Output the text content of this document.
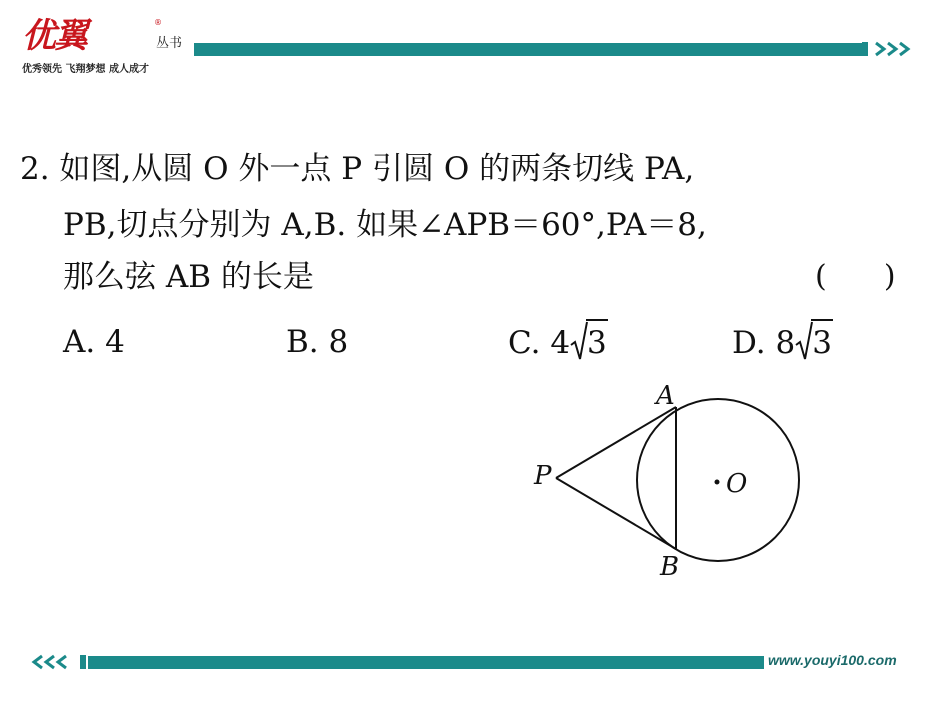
优翼	®
丛书
优秀领先 飞翔梦想 成人成才
2. 如图,从圆 O 外一点 P 引圆 O 的两条切线 PA,
PB,切点分别为 A,B. 如果∠APB＝60°,PA＝8,
那么弦 AB 的长是	(      )
A. 4	B. 8	C. 4 3	D. 8 3
A
B
P	O
www.youyi100.com
